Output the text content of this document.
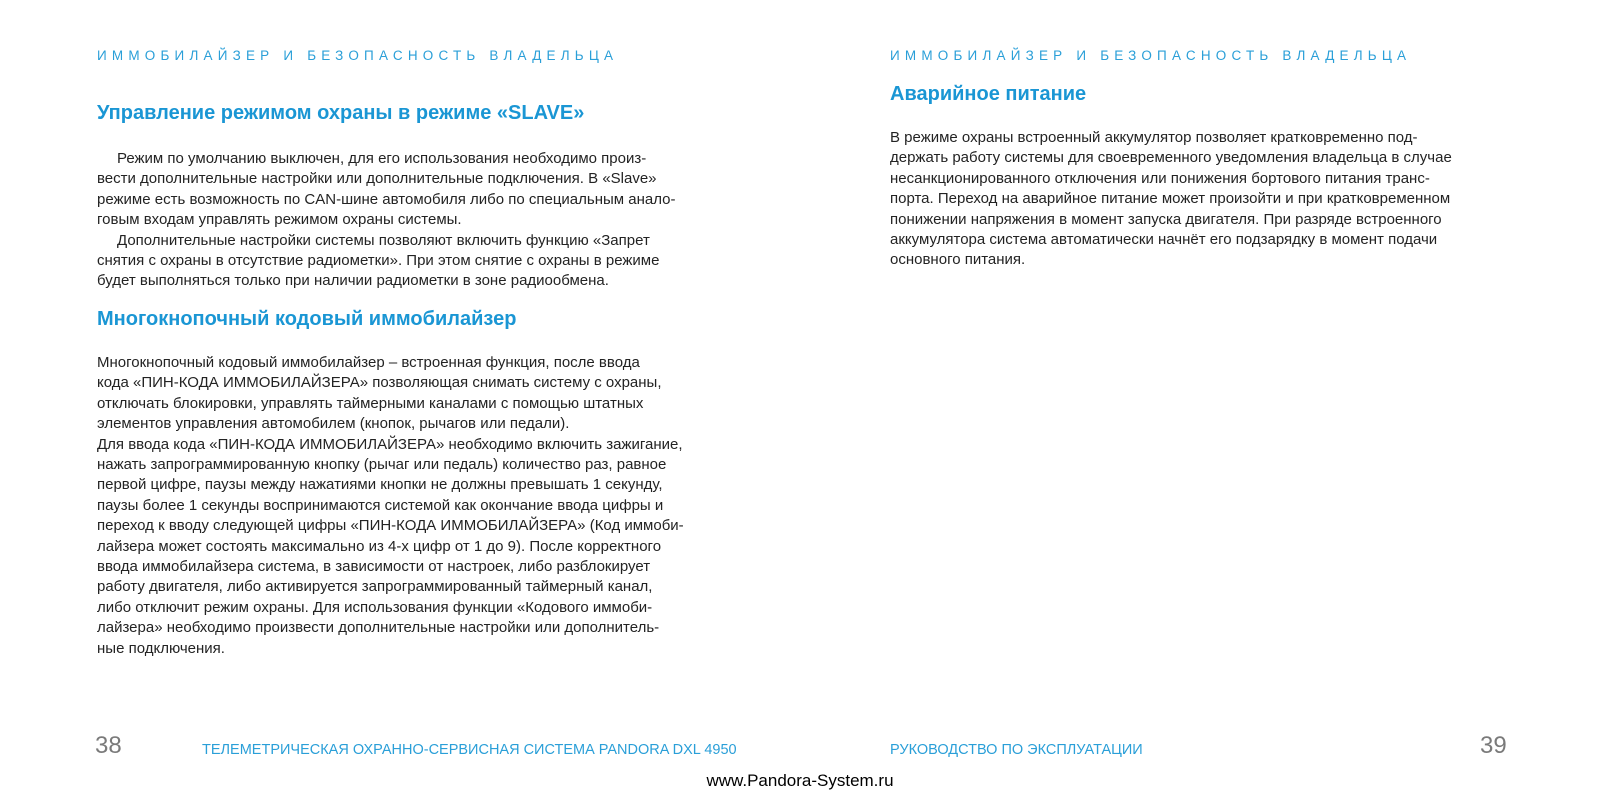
ИММОБИЛАЙЗЕР И БЕЗОПАСНОСТЬ ВЛАДЕЛЬЦА
Управление режимом охраны в режиме «SLAVE»

Режим по умолчанию выключен, для его использования необходимо произ-
вести дополнительные настройки или дополнительные подключения. В «Slave»
режиме есть возможность по CAN-шине автомобиля либо по специальным анало-
говым входам управлять режимом охраны системы.
Дополнительные настройки системы позволяют включить функцию «Запрет
снятия с охраны в отсутствие радиометки». При этом снятие с охраны в режиме
будет выполняться только при наличии радиометки в зоне радиообмена.

Многокнопочный кодовый иммобилайзер

Многокнопочный кодовый иммобилайзер – встроенная функция, после ввода
кода «ПИН-КОДА ИММОБИЛАЙЗЕРА» позволяющая снимать систему с охраны,
отключать блокировки, управлять таймерными каналами с помощью штатных
элементов управления автомобилем (кнопок, рычагов или педали).
Для ввода кода «ПИН-КОДА ИММОБИЛАЙЗЕРА» необходимо включить зажигание,
нажать запрограммированную кнопку (рычаг или педаль) количество раз, равное
первой цифре, паузы между нажатиями кнопки не должны превышать 1 секунду,
паузы более 1 секунды воспринимаются системой как окончание ввода цифры и
переход к вводу следующей цифры «ПИН-КОДА ИММОБИЛАЙЗЕРА» (Код иммоби-
лайзера может состоять максимально из 4-х цифр от 1 до 9). После корректного
ввода иммобилайзера система, в зависимости от настроек, либо разблокирует
работу двигателя, либо активируется запрограммированный таймерный канал,
либо отключит режим охраны. Для использования функции «Кодового иммоби-
лайзера» необходимо произвести дополнительные настройки или дополнитель-
ные подключения.

38	ТЕЛЕМЕТРИЧЕСКАЯ ОХРАННО-СЕРВИСНАЯ СИСТЕМА PANDORA DXL 4950
ИММОБИЛАЙЗЕР И БЕЗОПАСНОСТЬ ВЛАДЕЛЬЦА
Аварийное питание

В режиме охраны встроенный аккумулятор позволяет кратковременно под-
держать работу системы для своевременного уведомления владельца в случае
несанкционированного отключения или понижения бортового питания транс-
порта. Переход на аварийное питание может произойти и при кратковременном
понижении напряжения в момент запуска двигателя. При разряде встроенного
аккумулятора система автоматически начнёт его подзарядку в момент подачи
основного питания.

РУКОВОДСТВО ПО ЭКСПЛУАТАЦИИ	39
www.Pandora-System.ru
